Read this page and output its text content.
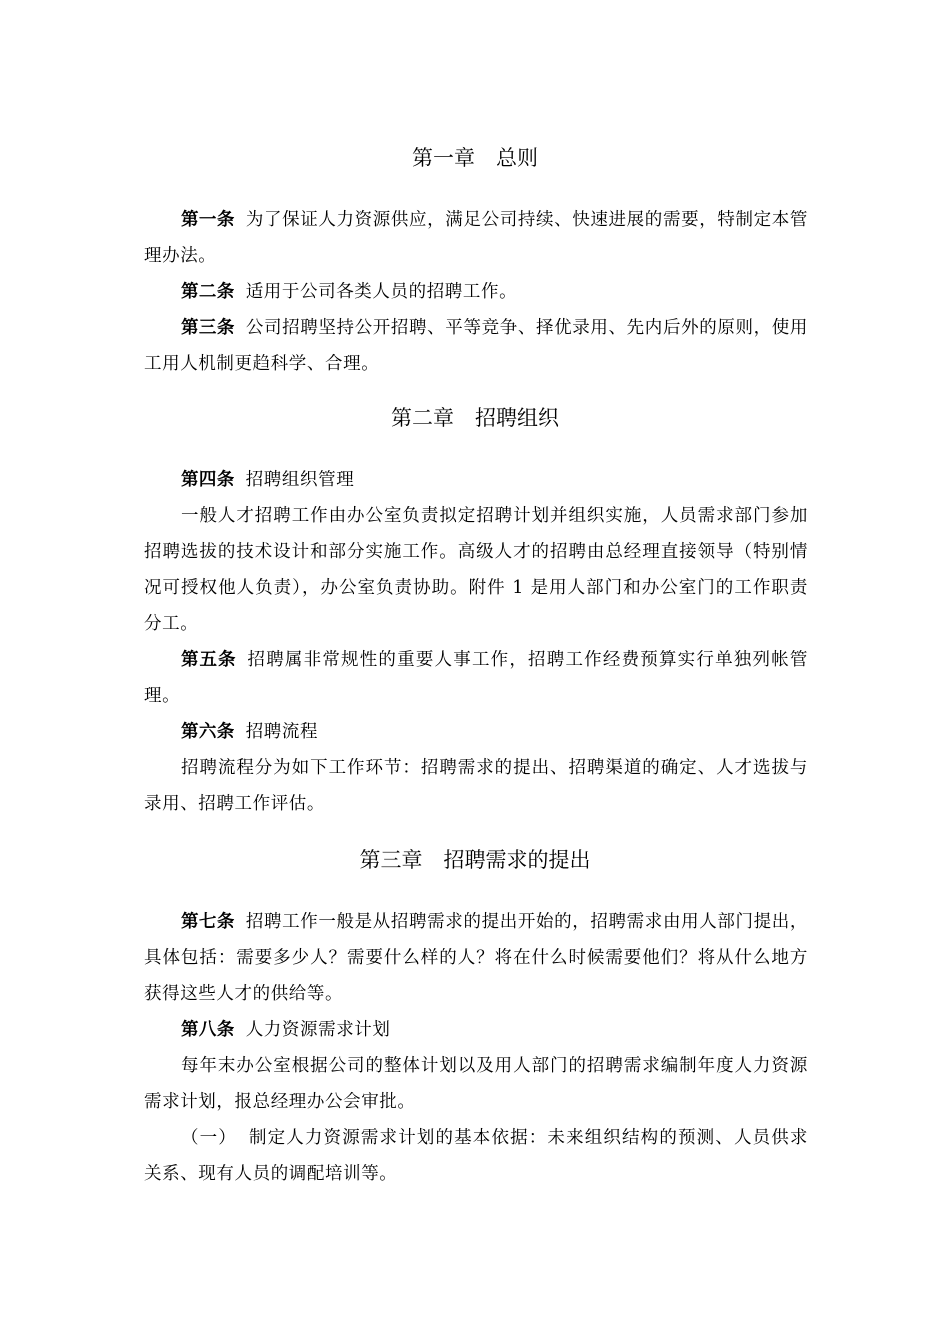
第一章　总则
第一条 为了保证人力资源供应，满足公司持续、快速进展的需要，特制定本管理办法。
第二条 适用于公司各类人员的招聘工作。
第三条 公司招聘坚持公开招聘、平等竞争、择优录用、先内后外的原则，使用工用人机制更趋科学、合理。
第二章　招聘组织
第四条 招聘组织管理
一般人才招聘工作由办公室负责拟定招聘计划并组织实施，人员需求部门参加招聘选拔的技术设计和部分实施工作。高级人才的招聘由总经理直接领导（特别情况可授权他人负责），办公室负责协助。附件 1 是用人部门和办公室门的工作职责分工。
第五条 招聘属非常规性的重要人事工作，招聘工作经费预算实行单独列帐管理。
第六条 招聘流程
招聘流程分为如下工作环节：招聘需求的提出、招聘渠道的确定、人才选拔与录用、招聘工作评估。
第三章　招聘需求的提出
第七条 招聘工作一般是从招聘需求的提出开始的，招聘需求由用人部门提出，具体包括：需要多少人？需要什么样的人？将在什么时候需要他们？将从什么地方获得这些人才的供给等。
第八条 人力资源需求计划
每年末办公室根据公司的整体计划以及用人部门的招聘需求编制年度人力资源需求计划，报总经理办公会审批。
（一） 制定人力资源需求计划的基本依据：未来组织结构的预测、人员供求关系、现有人员的调配培训等。
